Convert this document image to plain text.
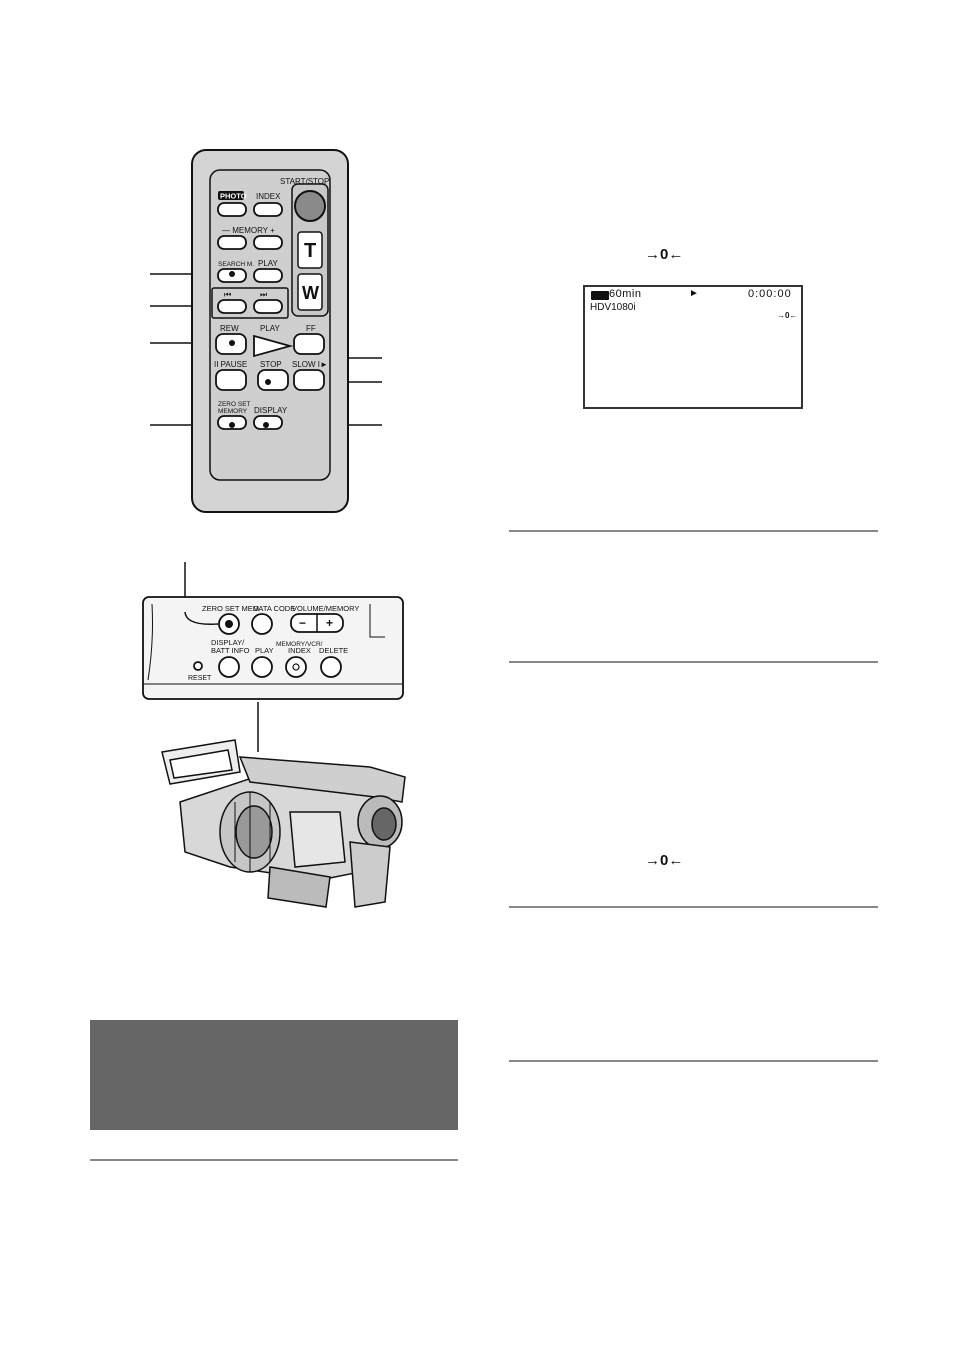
START/STOP
PHOTO INDEX
— MEMORY +
SEARCH M. PLAY
⏮	⏭
REW	PLAY	FF
II PAUSE STOP SLOW I►
ZERO SET
MEMORY DISPLAY
T
W
ZERO SET MEM
DATA CODE
VOLUME/MEMORY
− +
DISPLAY/
BATT INFO
MEMORY/VCR/
PLAY INDEX DELETE
RESET
→0←
60min	►	0:00:00
HDV1080i
→0←
→0←
